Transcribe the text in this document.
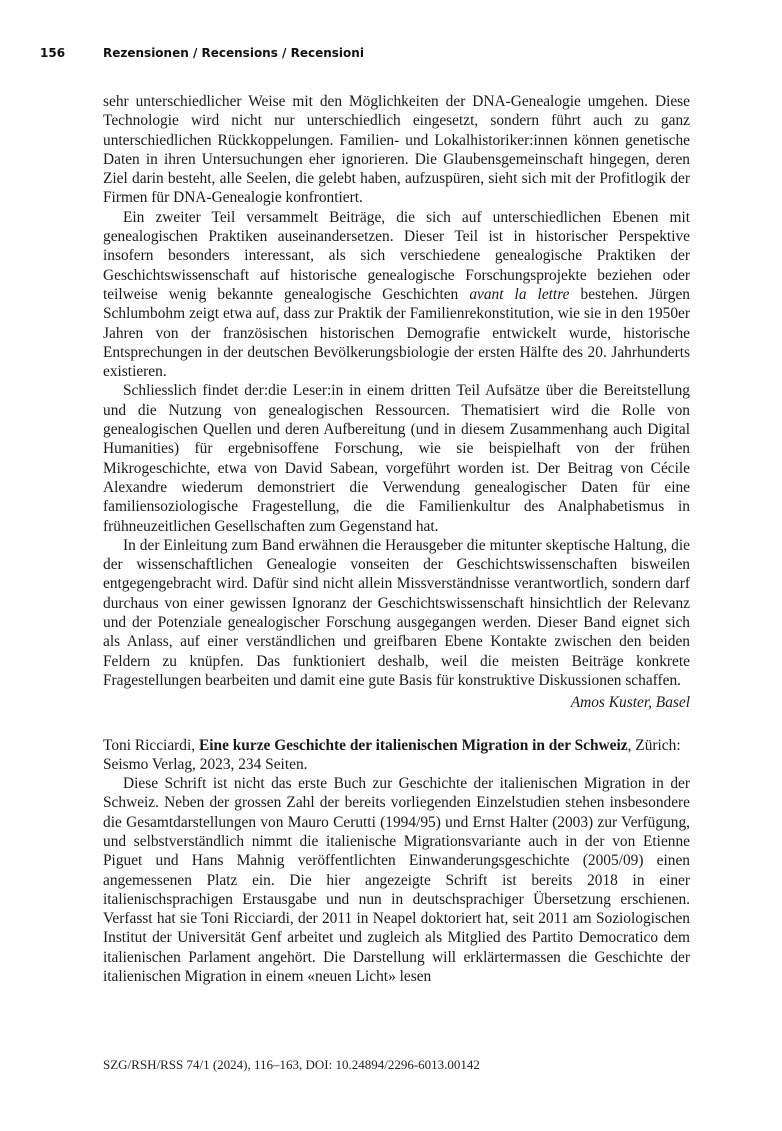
156	Rezensionen / Recensions / Recensioni

sehr unterschiedlicher Weise mit den Möglichkeiten der DNA-Genealogie umgehen. Diese Technologie wird nicht nur unterschiedlich eingesetzt, sondern führt auch zu ganz unterschiedlichen Rückkoppelungen. Familien- und Lokalhistoriker:innen können genetische Daten in ihren Untersuchungen eher ignorieren. Die Glaubensgemeinschaft hingegen, deren Ziel darin besteht, alle Seelen, die gelebt haben, aufzuspüren, sieht sich mit der Profitlogik der Firmen für DNA-Genealogie konfrontiert.

Ein zweiter Teil versammelt Beiträge, die sich auf unterschiedlichen Ebenen mit genealogischen Praktiken auseinandersetzen. Dieser Teil ist in historischer Perspektive insofern besonders interessant, als sich verschiedene genealogische Praktiken der Geschichtswissenschaft auf historische genealogische Forschungsprojekte beziehen oder teilweise wenig bekannte genealogische Geschichten avant la lettre bestehen. Jürgen Schlumbohm zeigt etwa auf, dass zur Praktik der Familienrekonstitution, wie sie in den 1950er Jahren von der französischen historischen Demografie entwickelt wurde, historische Entsprechungen in der deutschen Bevölkerungsbiologie der ersten Hälfte des 20. Jahrhunderts existieren.

Schliesslich findet der:die Leser:in in einem dritten Teil Aufsätze über die Bereitstellung und die Nutzung von genealogischen Ressourcen. Thematisiert wird die Rolle von genealogischen Quellen und deren Aufbereitung (und in diesem Zusammenhang auch Digital Humanities) für ergebnisoffene Forschung, wie sie beispielhaft von der frühen Mikrogeschichte, etwa von David Sabean, vorgeführt worden ist. Der Beitrag von Cécile Alexandre wiederum demonstriert die Verwendung genealogischer Daten für eine familiensoziologische Fragestellung, die die Familienkultur des Analphabetismus in frühneuzeitlichen Gesellschaften zum Gegenstand hat.

In der Einleitung zum Band erwähnen die Herausgeber die mitunter skeptische Haltung, die der wissenschaftlichen Genealogie vonseiten der Geschichtswissenschaften bisweilen entgegengebracht wird. Dafür sind nicht allein Missverständnisse verantwortlich, sondern darf durchaus von einer gewissen Ignoranz der Geschichtswissenschaft hinsichtlich der Relevanz und der Potenziale genealogischer Forschung ausgegangen werden. Dieser Band eignet sich als Anlass, auf einer verständlichen und greifbaren Ebene Kontakte zwischen den beiden Feldern zu knüpfen. Das funktioniert deshalb, weil die meisten Beiträge konkrete Fragestellungen bearbeiten und damit eine gute Basis für konstruktive Diskussionen schaffen.

Amos Kuster, Basel

Toni Ricciardi, Eine kurze Geschichte der italienischen Migration in der Schweiz, Zürich: Seismo Verlag, 2023, 234 Seiten.

Diese Schrift ist nicht das erste Buch zur Geschichte der italienischen Migration in der Schweiz. Neben der grossen Zahl der bereits vorliegenden Einzelstudien stehen insbesondere die Gesamtdarstellungen von Mauro Cerutti (1994/95) und Ernst Halter (2003) zur Verfügung, und selbstverständlich nimmt die italienische Migrationsvariante auch in der von Etienne Piguet und Hans Mahnig veröffentlichten Einwanderungsgeschichte (2005/09) einen angemessenen Platz ein. Die hier angezeigte Schrift ist bereits 2018 in einer italienischsprachigen Erstausgabe und nun in deutschsprachiger Übersetzung erschienen. Verfasst hat sie Toni Ricciardi, der 2011 in Neapel doktoriert hat, seit 2011 am Soziologischen Institut der Universität Genf arbeitet und zugleich als Mitglied des Partito Democratico dem italienischen Parlament angehört. Die Darstellung will erklärtermassen die Geschichte der italienischen Migration in einem «neuen Licht» lesen

SZG/RSH/RSS 74/1 (2024), 116–163, DOI: 10.24894/2296-6013.00142
